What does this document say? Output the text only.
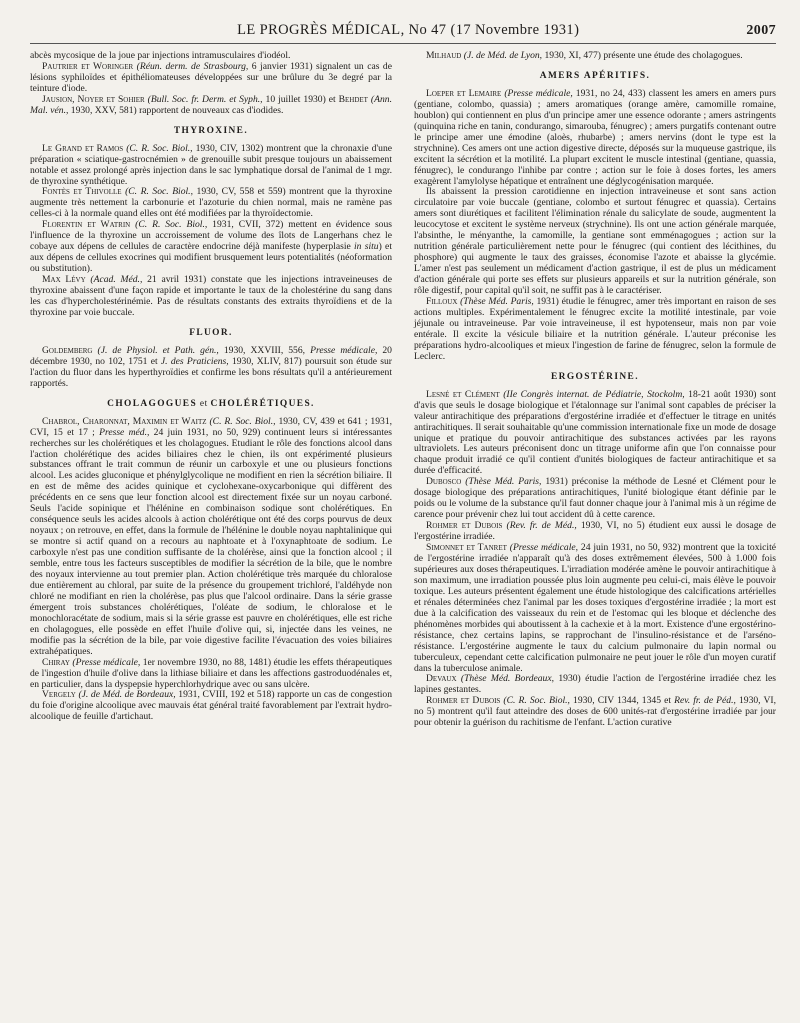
LE PROGRÈS MÉDICAL, No 47 (17 Novembre 1931)	2007

abcès mycosique de la joue par injections intramusculaires d'iodéol.

Pautrier et Woringer (Réun. derm. de Strasbourg, 6 janvier 1931) signalent un cas de lésions syphiloïdes et épithéliomateuses développées sur une brûlure du 3e degré par la teinture d'iode.

Jausion, Noyer et Sohier (Bull. Soc. fr. Derm. et Syph., 10 juillet 1930) et Behdet (Ann. Mal. vén., 1930, XXV, 581) rapportent de nouveaux cas d'iodides.

THYROXINE.

Le Grand et Ramos (C. R. Soc. Biol., 1930, CIV, 1302) montrent que la chronaxie d'une préparation « sciatique-gastrocnémien » de grenouille subit presque toujours un abaissement notable et assez prolongé après injection dans le sac lymphatique dorsal de l'animal de 1 mgr. de thyroxine synthétique.

Fontès et Thivolle (C. R. Soc. Biol., 1930, CV, 558 et 559) montrent que la thyroxine augmente très nettement la carbonurie et l'azoturie du chien normal, mais ne ramène pas celles-ci à la normale quand elles ont été modifiées par la thyroïdectomie.

Florentin et Watrin (C. R. Soc. Biol., 1931, CVII, 372) mettent en évidence sous l'influence de la thyroxine un accroissement de volume des îlots de Langerhans chez le cobaye aux dépens de cellules de caractère endocrine déjà manifeste (hyperplasie in situ) et aux dépens de cellules exocrines qui modifient brusquement leurs potentialités (néoformation ou substitution).

Max Lévy (Acad. Méd., 21 avril 1931) constate que les injections intraveineuses de thyroxine abaissent d'une façon rapide et importante le taux de la cholestérine du sang dans les cas d'hypercholestérinémie. Pas de résultats constants des extraits thyroïdiens et de la thyroxine par voie buccale.

FLUOR.

Goldemberg (J. de Physiol. et Path. gén., 1930, XXVIII, 556, Presse médicale, 20 décembre 1930, no 102, 1751 et J. des Praticiens, 1930, XLIV, 817) poursuit son étude sur l'action du fluor dans les hyperthyroïdies et confirme les bons résultats qu'il a antérieurement rapportés.

CHOLAGOGUES et CHOLÉRÉTIQUES.

Chabrol, Charonnat, Maximin et Waitz (C. R. Soc. Biol., 1930, CV, 439 et 641 ; 1931, CVI, 15 et 17 ; Presse méd., 24 juin 1931, no 50, 929) continuent leurs si intéressantes recherches sur les cholérétiques et les cholagogues. Etudiant le rôle des fonctions alcool dans l'action cholérétique des acides biliaires chez le chien, ils ont expérimenté plusieurs substances offrant le trait commun de réunir un carboxyle et une ou plusieurs fonctions alcool. Les acides gluconique et phénylglycolique ne modifient en rien la sécrétion biliaire. Il en est de même des acides quinique et cyclohexane-oxycarbonique qui diffèrent des précédents en ce sens que leur fonction alcool est directement fixée sur un noyau carboné. Seuls l'acide sopinique et l'hélénine en combinaison sodique sont cholérétiques. En conséquence seuls les acides alcools à action cholérétique ont été des corps pourvus de deux noyaux ; on retrouve, en effet, dans la formule de l'hélénine le double noyau naphtalinique qui se montre si actif quand on a recours au naphtoate et à l'oxynaphtoate de sodium. Le carboxyle n'est pas une condition suffisante de la cholérèse, ainsi que la fonction alcool ; il semble, entre tous les facteurs susceptibles de modifier la sécrétion de la bile, que le nombre des noyaux intervienne au tout premier plan. Action cholérétique très marquée du chloralose due entièrement au chloral, par suite de la présence du groupement trichloré, l'aldéhyde non chloré ne modifiant en rien la cholérèse, pas plus que l'alcool ordinaire. Dans la série grasse émergent trois substances cholérétiques, l'oléate de sodium, le chloralose et le monochloracétate de sodium, mais si la série grasse est pauvre en cholérétiques, elle est riche en cholagogues, elle possède en effet l'huile d'olive qui, si, injectée dans les veines, ne modifie pas la sécrétion de la bile, par voie digestive facilite l'évacuation des voies biliaires extrahépatiques.

Chiray (Presse médicale, 1er novembre 1930, no 88, 1481) étudie les effets thérapeutiques de l'ingestion d'huile d'olive dans la lithiase biliaire et dans les affections gastroduodénales et, en particulier, dans la dyspepsie hyperchlorhydrique avec ou sans ulcère.

Vergely (J. de Méd. de Bordeaux, 1931, CVIII, 192 et 518) rapporte un cas de congestion du foie d'origine alcoolique avec mauvais état général traité favorablement par l'extrait hydro-alcoolique de feuille d'artichaut.

Milhaud (J. de Méd. de Lyon, 1930, XI, 477) présente une étude des cholagogues.

AMERS APÉRITIFS.

Loeper et Lemaire (Presse médicale, 1931, no 24, 433) classent les amers en amers purs (gentiane, colombo, quassia) ; amers aromatiques (orange amère, camomille romaine, houblon) qui contiennent en plus d'un principe amer une essence odorante ; amers astringents (quinquina riche en tanin, condurango, simarouba, fénugrec) ; amers purgatifs contenant outre le principe amer une émodine (aloès, rhubarbe) ; amers nervins (dont le type est la strychnine). Ces amers ont une action digestive directe, déposés sur la muqueuse gastrique, ils excitent la sécrétion et la motilité. La plupart excitent le muscle intestinal (gentiane, quassia, fénugrec), le condurango l'inhibe par contre ; action sur le foie à doses fortes, les amers exagèrent l'amylolyse hépatique et entraînent une déglycogénisation marquée.

Ils abaissent la pression carotidienne en injection intraveineuse et sont sans action circulatoire par voie buccale (gentiane, colombo et surtout fénugrec et quassia). Certains amers sont diurétiques et facilitent l'élimination rénale du salicylate de soude, augmentent la leucocytose et excitent le système nerveux (strychnine). Ils ont une action générale marquée, l'absinthe, le ményanthe, la camomille, la gentiane sont emménagogues ; action sur la nutrition générale particulièrement nette pour le fénugrec (qui contient des lécithines, du phosphore) qui augmente le taux des graisses, économise l'azote et abaisse la glycémie. L'amer n'est pas seulement un médicament d'action gastrique, il est de plus un médicament d'action générale qui porte ses effets sur plusieurs appareils et sur la nutrition générale, son rôle digestif, pour capital qu'il soit, ne suffit pas à le caractériser.

Filloux (Thèse Méd. Paris, 1931) étudie le fénugrec, amer très important en raison de ses actions multiples. Expérimentalement le fénugrec excite la motilité intestinale, par voie jéjunale ou intraveineuse. Par voie intraveineuse, il est hypotenseur, mais non par voie entérale. Il excite la vésicule biliaire et la nutrition générale. L'auteur préconise les préparations hydro-alcooliques et mieux l'ingestion de farine de fénugrec, selon la formule de Leclerc.

ERGOSTÉRINE.

Lesné et Clément (IIe Congrès internat. de Pédiatrie, Stockolm, 18-21 août 1930) sont d'avis que seuls le dosage biologique et l'étalonnage sur l'animal sont capables de préciser la valeur antirachitique des préparations d'ergostérine irradiée et d'effectuer le titrage en unités antirachitiques. Il serait souhaitable qu'une commission internationale fixe un mode de dosage unique et pratique du pouvoir antirachitique des substances activées par les rayons ultraviolets. Les auteurs préconisent donc un titrage uniforme afin que l'on connaisse pour chaque produit irradié ce qu'il contient d'unités biologiques de facteur antirachitique et sa durée d'efficacité.

Dubosco (Thèse Méd. Paris, 1931) préconise la méthode de Lesné et Clément pour le dosage biologique des préparations antirachitiques, l'unité biologique étant définie par le poids ou le volume de la substance qu'il faut donner chaque jour à l'animal mis à un régime de carence pour prévenir chez lui tout accident dû à cette carence.

Rohmer et Dubois (Rev. fr. de Méd., 1930, VI, no 5) étudient eux aussi le dosage de l'ergostérine irradiée.

Simonnet et Tanret (Presse médicale, 24 juin 1931, no 50, 932) montrent que la toxicité de l'ergostérine irradiée n'apparaît qu'à des doses extrêmement élevées, 500 à 1.000 fois supérieures aux doses thérapeutiques. L'irradiation modérée amène le pouvoir antirachitique à son maximum, une irradiation poussée plus loin augmente peu celui-ci, mais élève le pouvoir toxique. Les auteurs présentent également une étude histologique des calcifications artérielles et rénales déterminées chez l'animal par les doses toxiques d'ergostérine irradiée ; la mort est due à la calcification des vaisseaux du rein et de l'estomac qui les bloque et déclenche des phénomènes morbides qui aboutissent à la cachexie et à la mort. Existence d'une ergostérino-résistance, chez certains lapins, se rapprochant de l'insulino-résistance et de l'arséno-résistance. L'ergostérine augmente le taux du calcium pulmonaire du lapin normal ou tuberculeux, cependant cette calcification pulmonaire ne peut jouer le rôle d'un moyen curatif dans la tuberculose animale.

Devaux (Thèse Méd. Bordeaux, 1930) étudie l'action de l'ergostérine irradiée chez les lapines gestantes.

Rohmer et Dubois (C. R. Soc. Biol., 1930, CIV 1344, 1345 et Rev. fr. de Péd., 1930, VI, no 5) montrent qu'il faut atteindre des doses de 600 unités-rat d'ergostérine irradiée par jour pour obtenir la guérison du rachitisme de l'enfant. L'action curative
